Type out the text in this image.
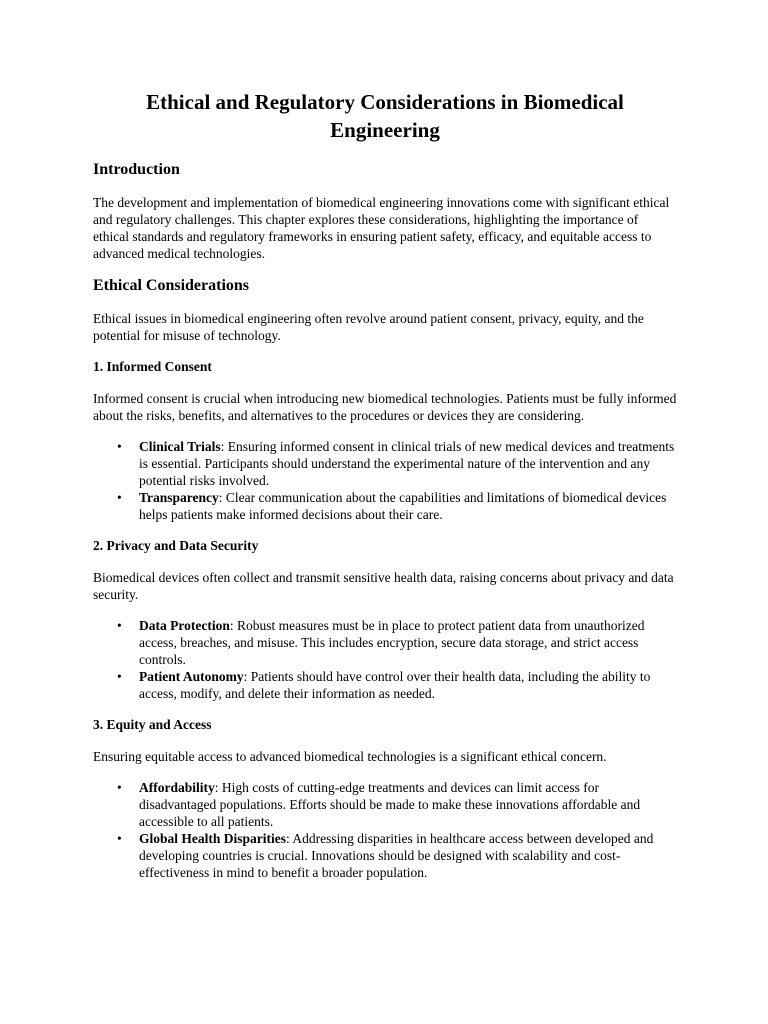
Ethical and Regulatory Considerations in Biomedical Engineering
Introduction

The development and implementation of biomedical engineering innovations come with significant ethical and regulatory challenges. This chapter explores these considerations, highlighting the importance of ethical standards and regulatory frameworks in ensuring patient safety, efficacy, and equitable access to advanced medical technologies.

Ethical Considerations

Ethical issues in biomedical engineering often revolve around patient consent, privacy, equity, and the potential for misuse of technology.

1. Informed Consent

Informed consent is crucial when introducing new biomedical technologies. Patients must be fully informed about the risks, benefits, and alternatives to the procedures or devices they are considering.

• Clinical Trials: Ensuring informed consent in clinical trials of new medical devices and treatments is essential. Participants should understand the experimental nature of the intervention and any potential risks involved.
• Transparency: Clear communication about the capabilities and limitations of biomedical devices helps patients make informed decisions about their care.
2. Privacy and Data Security

Biomedical devices often collect and transmit sensitive health data, raising concerns about privacy and data security.

• Data Protection: Robust measures must be in place to protect patient data from unauthorized access, breaches, and misuse. This includes encryption, secure data storage, and strict access controls.
• Patient Autonomy: Patients should have control over their health data, including the ability to access, modify, and delete their information as needed.
3. Equity and Access

Ensuring equitable access to advanced biomedical technologies is a significant ethical concern.

• Affordability: High costs of cutting-edge treatments and devices can limit access for disadvantaged populations. Efforts should be made to make these innovations affordable and accessible to all patients.
• Global Health Disparities: Addressing disparities in healthcare access between developed and developing countries is crucial. Innovations should be designed with scalability and cost-effectiveness in mind to benefit a broader population.
